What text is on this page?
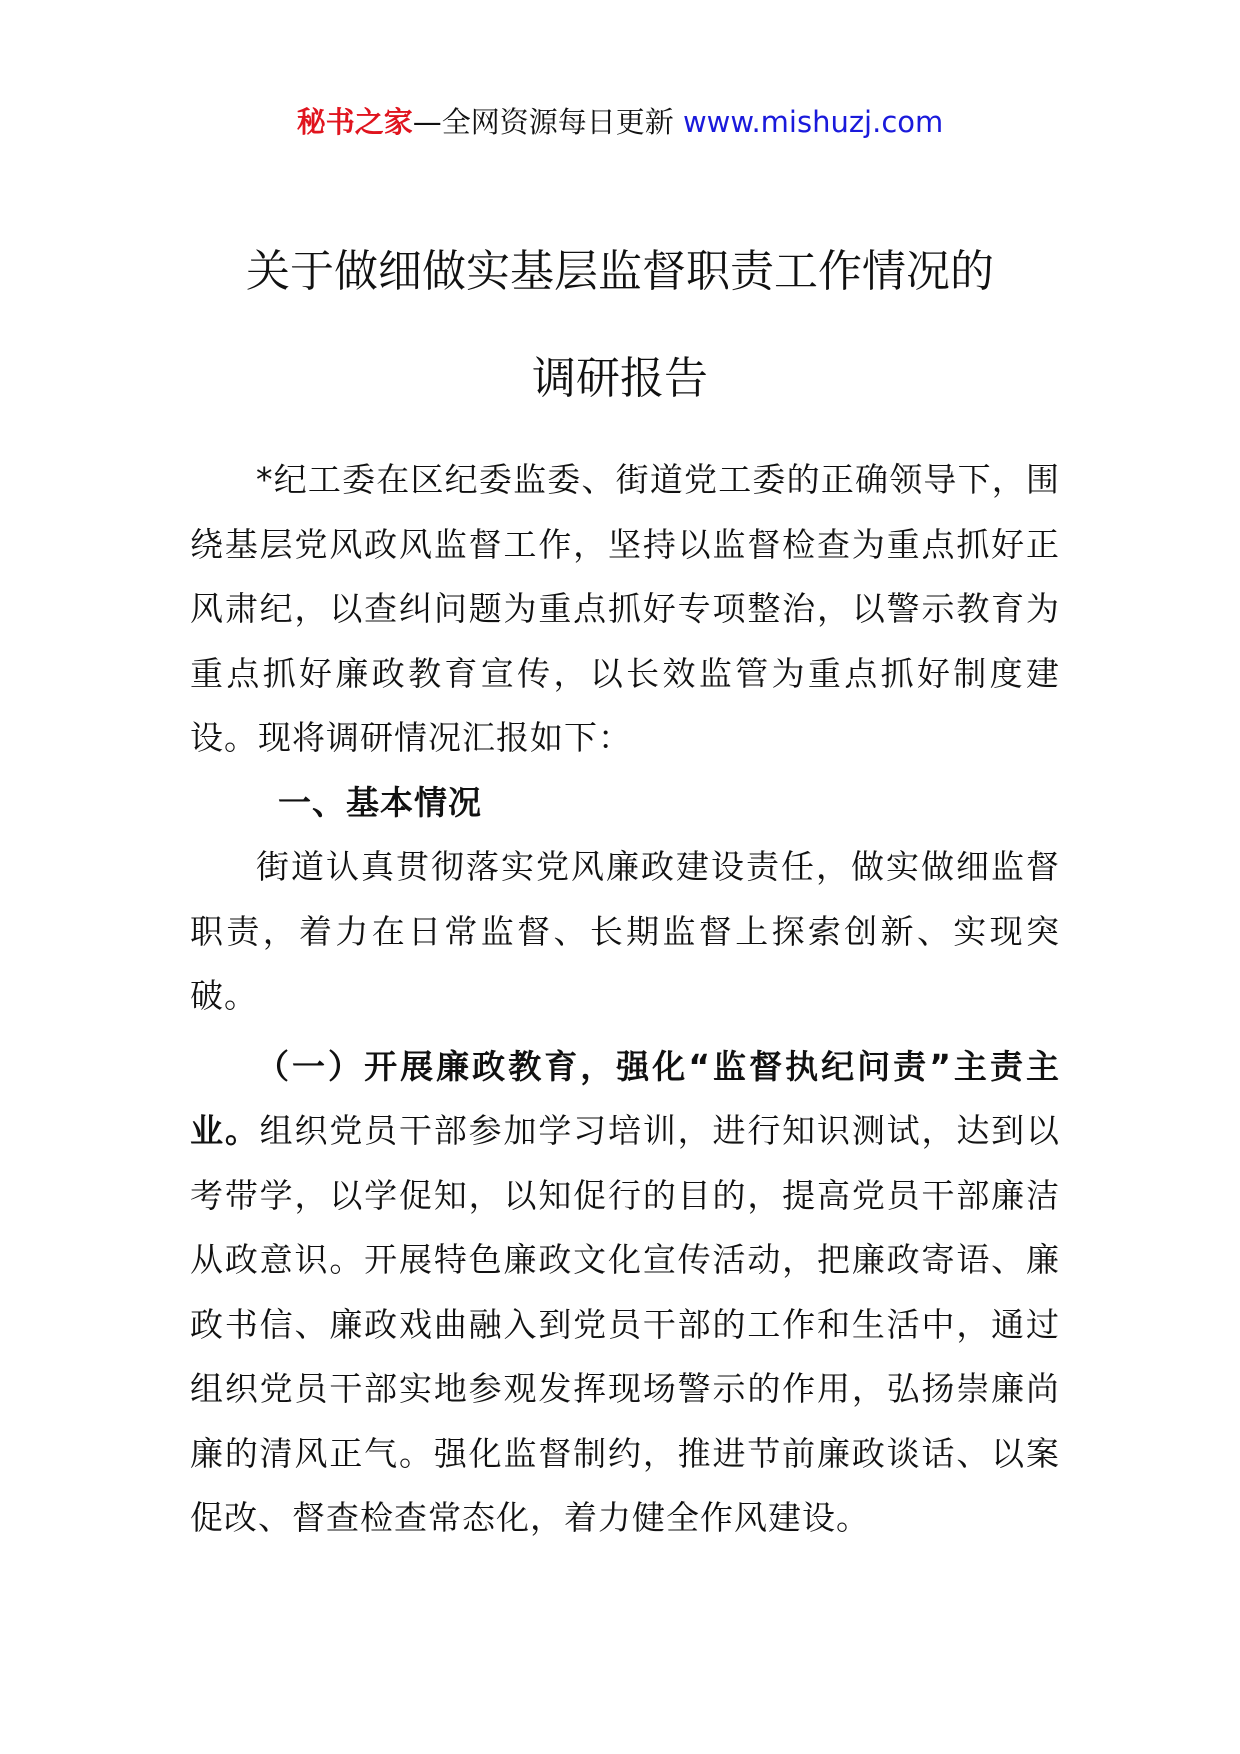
秘书之家—全网资源每日更新 www.mishuzj.com
关于做细做实基层监督职责工作情况的
调研报告

*纪工委在区纪委监委、街道党工委的正确领导下，围绕基层党风政风监督工作，坚持以监督检查为重点抓好正风肃纪，以查纠问题为重点抓好专项整治，以警示教育为重点抓好廉政教育宣传，以长效监管为重点抓好制度建设。现将调研情况汇报如下：

一、基本情况

街道认真贯彻落实党风廉政建设责任，做实做细监督职责，着力在日常监督、长期监督上探索创新、实现突破。

（一）开展廉政教育，强化“监督执纪问责”主责主业。组织党员干部参加学习培训，进行知识测试，达到以考带学，以学促知，以知促行的目的，提高党员干部廉洁从政意识。开展特色廉政文化宣传活动，把廉政寄语、廉政书信、廉政戏曲融入到党员干部的工作和生活中，通过组织党员干部实地参观发挥现场警示的作用，弘扬崇廉尚廉的清风正气。强化监督制约，推进节前廉政谈话、以案促改、督查检查常态化，着力健全作风建设。
